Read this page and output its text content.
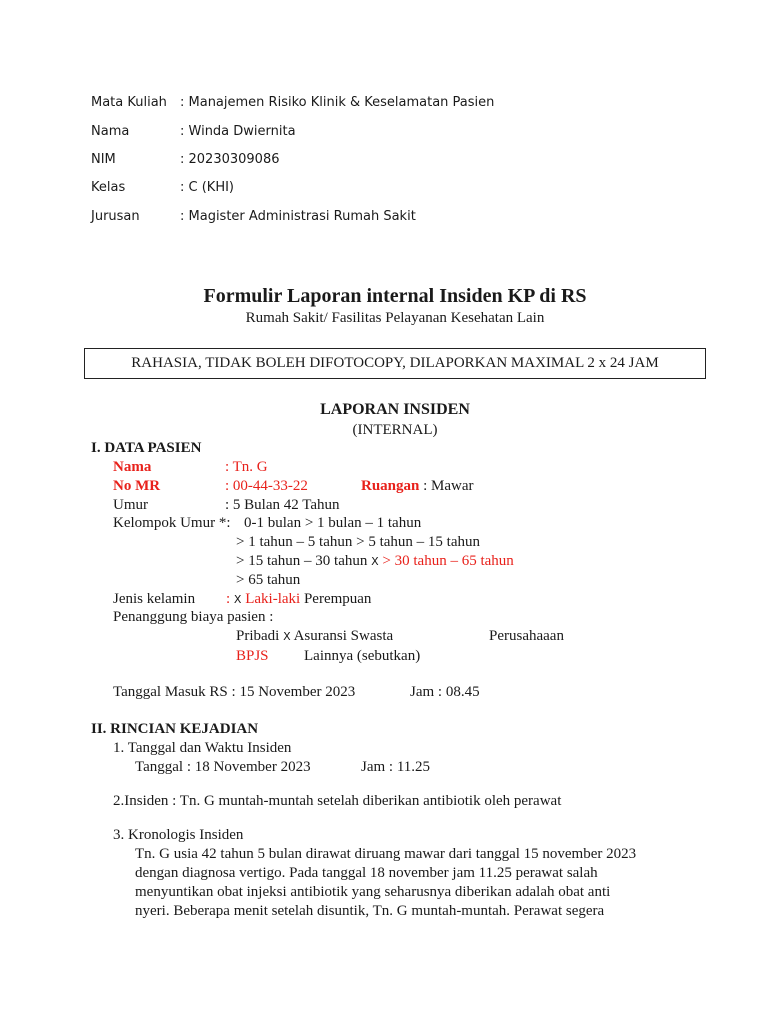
Mata Kuliah : Manajemen Risiko Klinik & Keselamatan Pasien
Nama	: Winda Dwiernita
NIM	: 20230309086
Kelas	: C (KHI)
Jurusan	: Magister Administrasi Rumah Sakit
Formulir Laporan internal Insiden KP di RS
Rumah Sakit/ Fasilitas Pelayanan Kesehatan Lain
RAHASIA, TIDAK BOLEH DIFOTOCOPY, DILAPORKAN MAXIMAL 2 x 24 JAM
LAPORAN INSIDEN
(INTERNAL)
I. DATA PASIEN
Nama	: Tn. G
No MR	: 00-44-33-22	Ruangan : Mawar
Umur	: 5 Bulan 42 Tahun
Kelompok Umur *: 0-1 bulan > 1 bulan – 1 tahun
> 1 tahun – 5 tahun > 5 tahun – 15 tahun
> 15 tahun – 30 tahun X > 30 tahun – 65 tahun
> 65 tahun
Jenis kelamin : X Laki-laki Perempuan
Penanggung biaya pasien :
Pribadi X Asuransi Swasta	Perusahaaan
BPJS Lainnya (sebutkan)
Tanggal Masuk RS : 15 November 2023	Jam : 08.45
II. RINCIAN KEJADIAN
1. Tanggal dan Waktu Insiden
Tanggal : 18 November 2023	Jam : 11.25
2.Insiden : Tn. G muntah-muntah setelah diberikan antibiotik oleh perawat
3. Kronologis Insiden
Tn. G usia 42 tahun 5 bulan dirawat diruang mawar dari tanggal 15 november 2023
dengan diagnosa vertigo. Pada tanggal 18 november jam 11.25 perawat salah
menyuntikan obat injeksi antibiotik yang seharusnya diberikan adalah obat anti
nyeri. Beberapa menit setelah disuntik, Tn. G muntah-muntah. Perawat segera
